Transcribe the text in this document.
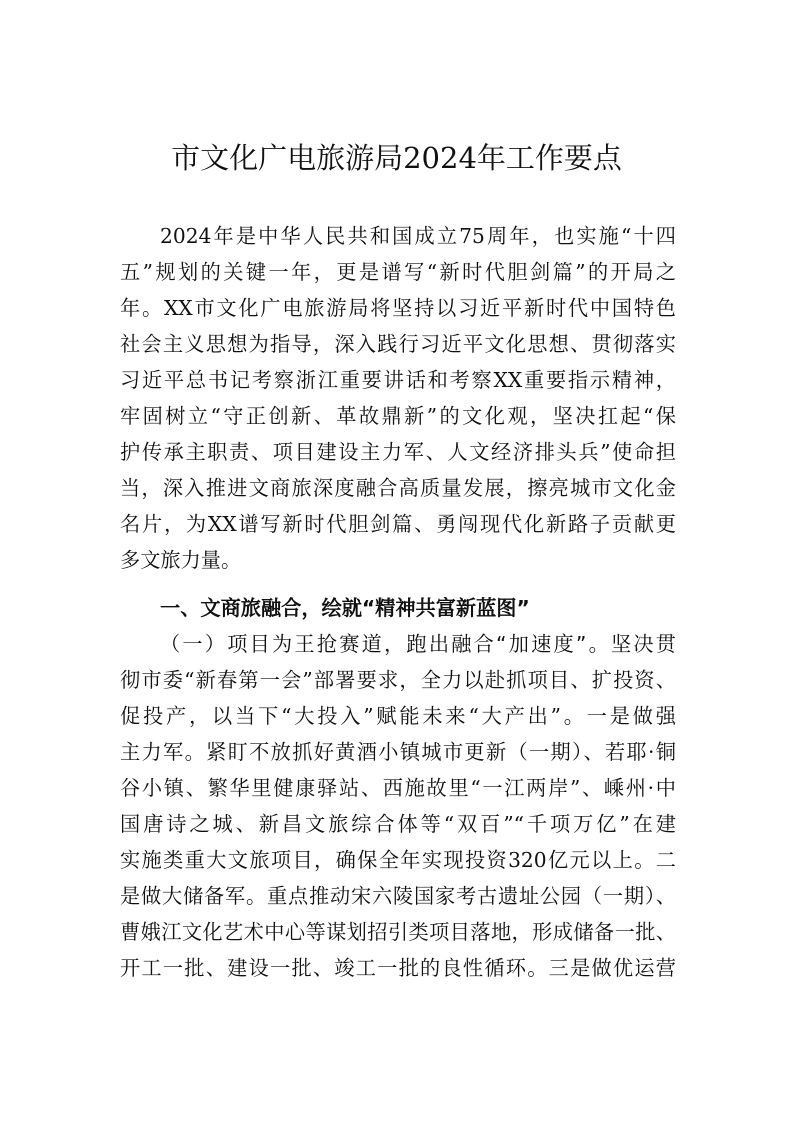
市文化广电旅游局2024年工作要点
2024年是中华人民共和国成立75周年，也实施“十四
五”规划的关键一年，更是谱写“新时代胆剑篇”的开局之
年。XX市文化广电旅游局将坚持以习近平新时代中国特色
社会主义思想为指导，深入践行习近平文化思想、贯彻落实
习近平总书记考察浙江重要讲话和考察XX重要指示精神，
牢固树立“守正创新、革故鼎新”的文化观，坚决扛起“保
护传承主职责、项目建设主力军、人文经济排头兵”使命担
当，深入推进文商旅深度融合高质量发展，擦亮城市文化金
名片，为XX谱写新时代胆剑篇、勇闯现代化新路子贡献更
多文旅力量。
一、文商旅融合，绘就“精神共富新蓝图”
（一）项目为王抢赛道，跑出融合“加速度”。坚决贯
彻市委“新春第一会”部署要求，全力以赴抓项目、扩投资、
促投产，以当下“大投入”赋能未来“大产出”。一是做强
主力军。紧盯不放抓好黄酒小镇城市更新（一期）、若耶·铜
谷小镇、繁华里健康驿站、西施故里“一江两岸”、嵊州·中
国唐诗之城、新昌文旅综合体等“双百”“千项万亿”在建
实施类重大文旅项目，确保全年实现投资320亿元以上。二
是做大储备军。重点推动宋六陵国家考古遗址公园（一期）、
曹娥江文化艺术中心等谋划招引类项目落地，形成储备一批、
开工一批、建设一批、竣工一批的良性循环。三是做优运营
